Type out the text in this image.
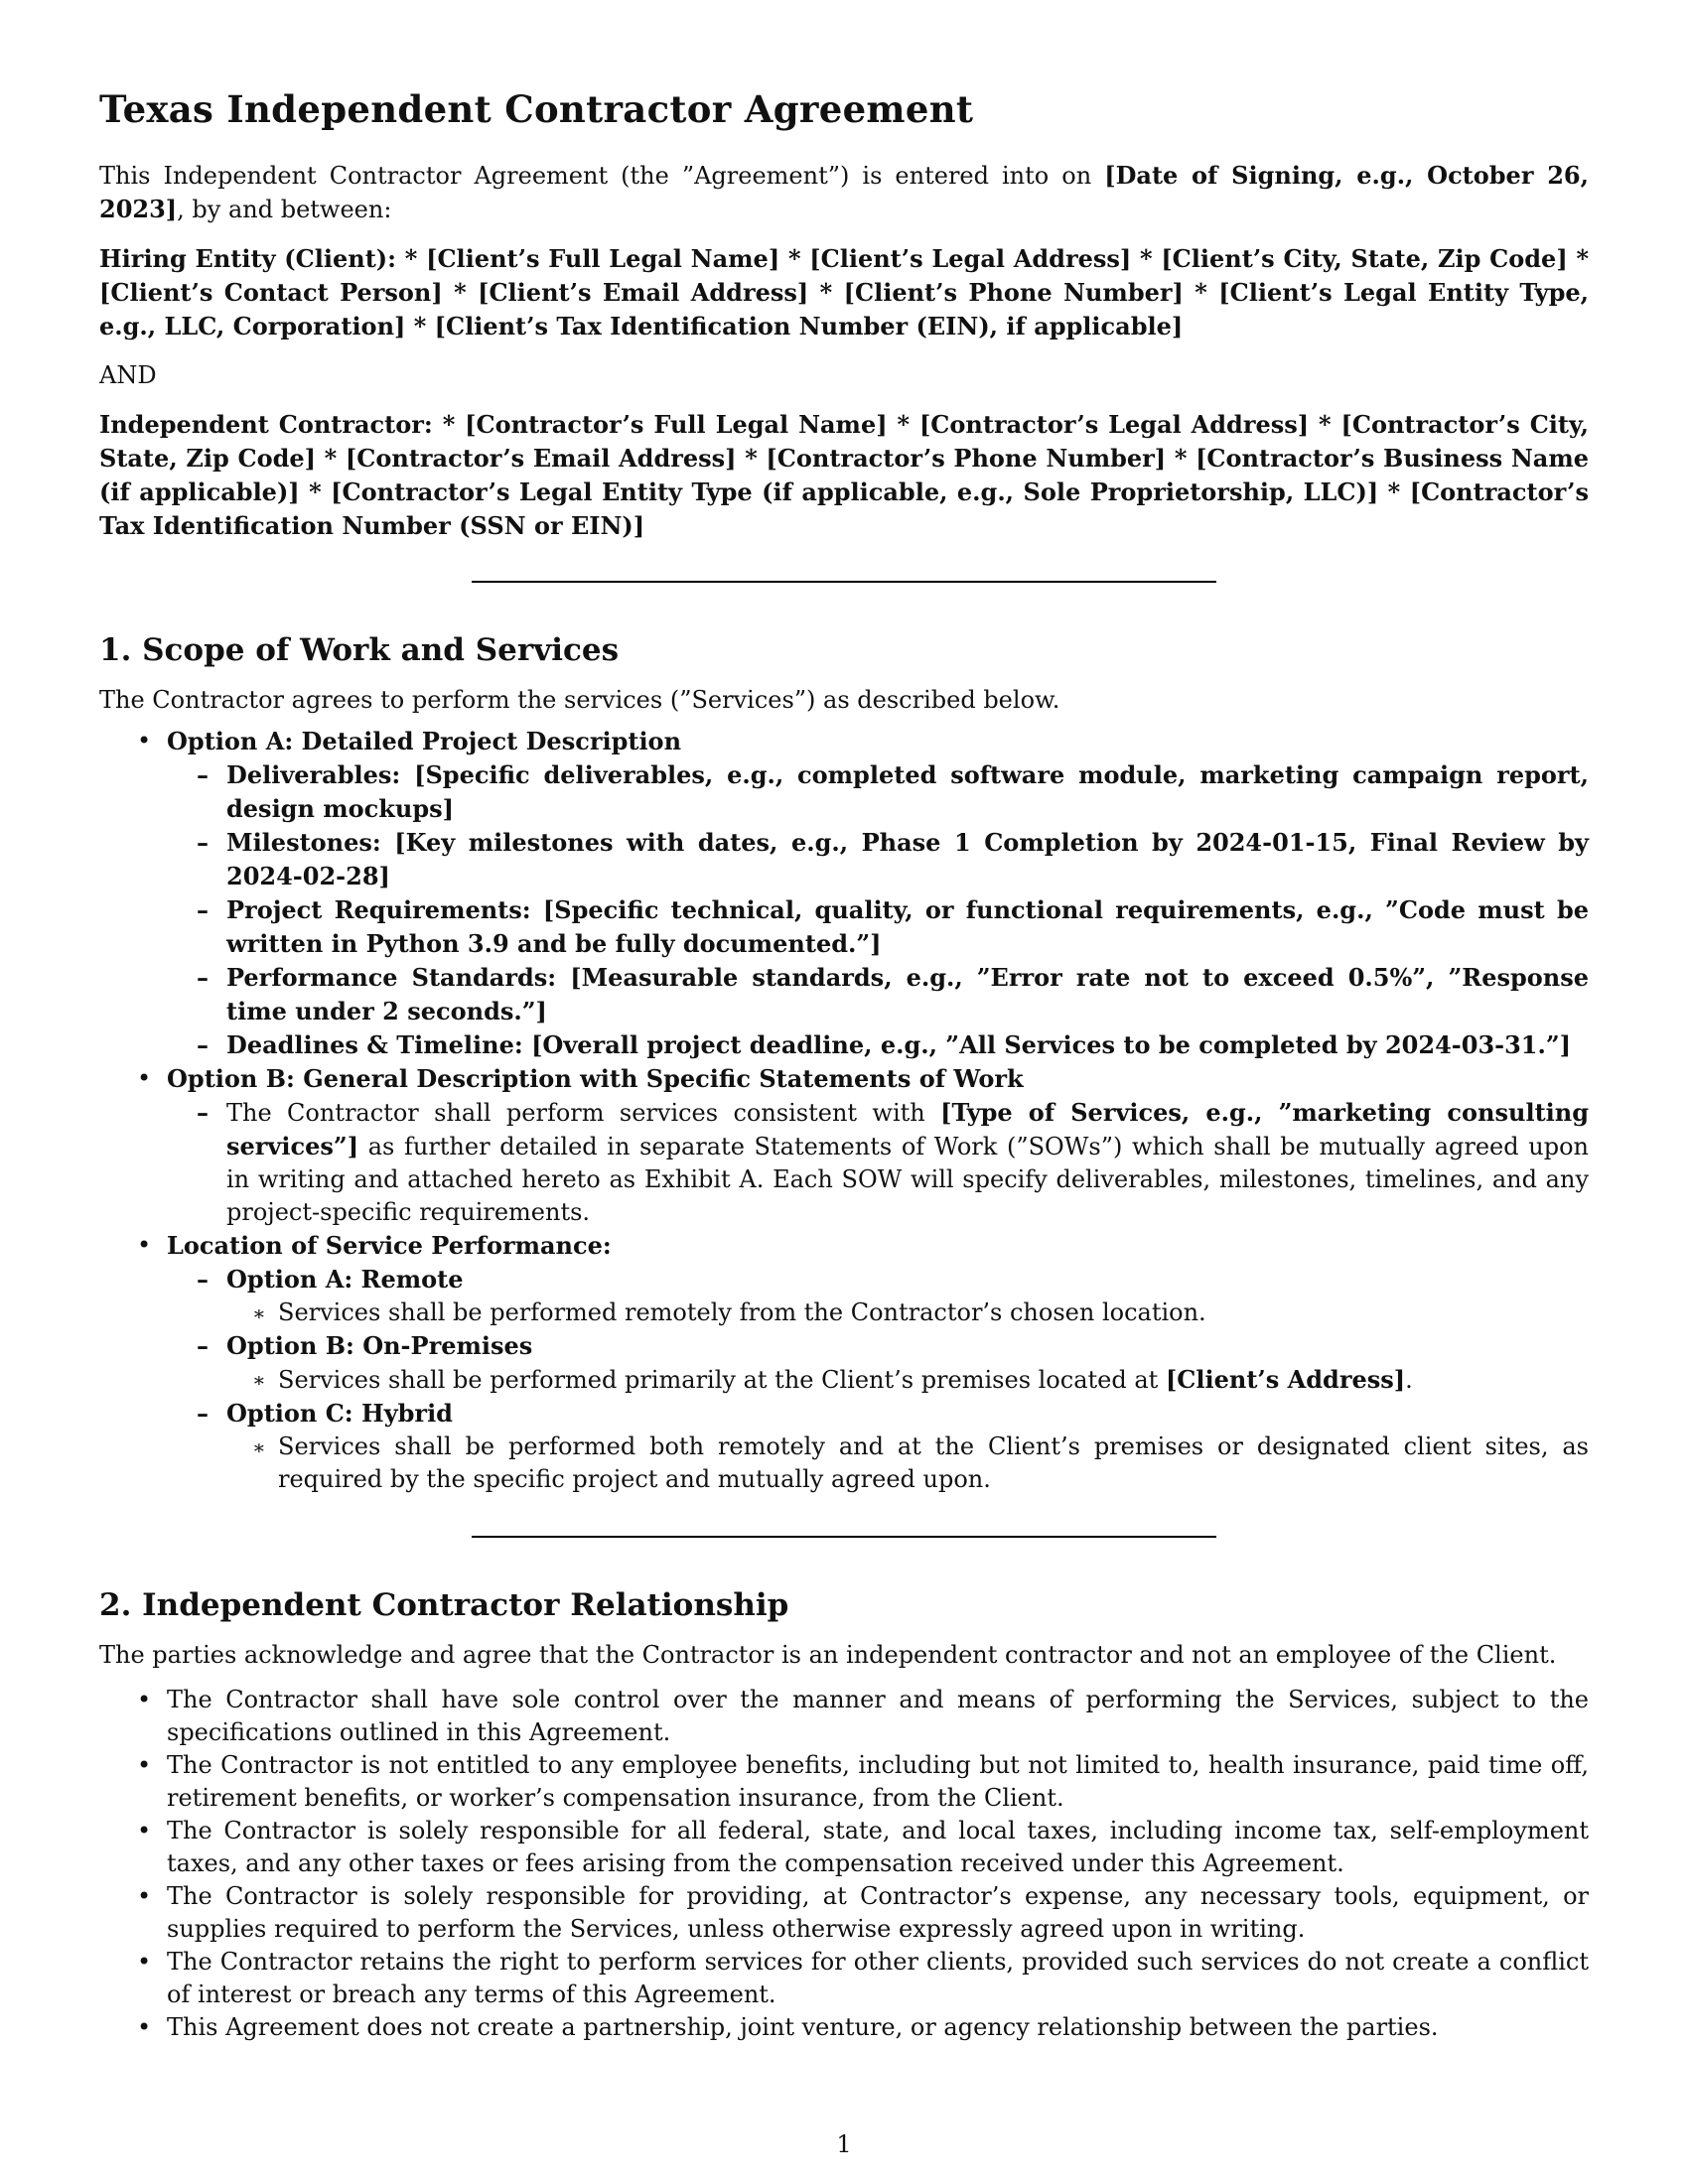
Texas Independent Contractor Agreement

This Independent Contractor Agreement (the ”Agreement”) is entered into on [Date of Signing, e.g., October 26, 2023], by and between:

Hiring Entity (Client): * [Client’s Full Legal Name] * [Client’s Legal Address] * [Client’s City, State, Zip Code] * [Client’s Contact Person] * [Client’s Email Address] * [Client’s Phone Number] * [Client’s Legal Entity Type, e.g., LLC, Corporation] * [Client’s Tax Identification Number (EIN), if applicable]

AND

Independent Contractor: * [Contractor’s Full Legal Name] * [Contractor’s Legal Address] * [Contractor’s City, State, Zip Code] * [Contractor’s Email Address] * [Contractor’s Phone Number] * [Contractor’s Business Name (if applicable)] * [Contractor’s Legal Entity Type (if applicable, e.g., Sole Proprietorship, LLC)] * [Contractor’s Tax Identification Number (SSN or EIN)]

1. Scope of Work and Services

The Contractor agrees to perform the services (”Services”) as described below.

• Option A: Detailed Project Description
– Deliverables: [Specific deliverables, e.g., completed software module, marketing campaign report, design mockups]
– Milestones: [Key milestones with dates, e.g., Phase 1 Completion by 2024-01-15, Final Review by 2024-02-28]
– Project Requirements: [Specific technical, quality, or functional requirements, e.g., ”Code must be written in Python 3.9 and be fully documented.”]
– Performance Standards: [Measurable standards, e.g., ”Error rate not to exceed 0.5%”, ”Response time under 2 seconds.”]
– Deadlines & Timeline: [Overall project deadline, e.g., ”All Services to be completed by 2024-03-31.”]
• Option B: General Description with Specific Statements of Work
– The Contractor shall perform services consistent with [Type of Services, e.g., ”marketing consulting services”] as further detailed in separate Statements of Work (”SOWs”) which shall be mutually agreed upon in writing and attached hereto as Exhibit A. Each SOW will specify deliverables, milestones, timelines, and any project-specific requirements.
• Location of Service Performance:
– Option A: Remote
∗ Services shall be performed remotely from the Contractor’s chosen location.
– Option B: On-Premises
∗ Services shall be performed primarily at the Client’s premises located at [Client’s Address].
– Option C: Hybrid
∗ Services shall be performed both remotely and at the Client’s premises or designated client sites, as required by the specific project and mutually agreed upon.
2. Independent Contractor Relationship

The parties acknowledge and agree that the Contractor is an independent contractor and not an employee of the Client.

• The Contractor shall have sole control over the manner and means of performing the Services, subject to the specifications outlined in this Agreement.
• The Contractor is not entitled to any employee benefits, including but not limited to, health insurance, paid time off, retirement benefits, or worker’s compensation insurance, from the Client.
• The Contractor is solely responsible for all federal, state, and local taxes, including income tax, self-employment taxes, and any other taxes or fees arising from the compensation received under this Agreement.
• The Contractor is solely responsible for providing, at Contractor’s expense, any necessary tools, equipment, or supplies required to perform the Services, unless otherwise expressly agreed upon in writing.
• The Contractor retains the right to perform services for other clients, provided such services do not create a conflict of interest or breach any terms of this Agreement.
• This Agreement does not create a partnership, joint venture, or agency relationship between the parties.
1
